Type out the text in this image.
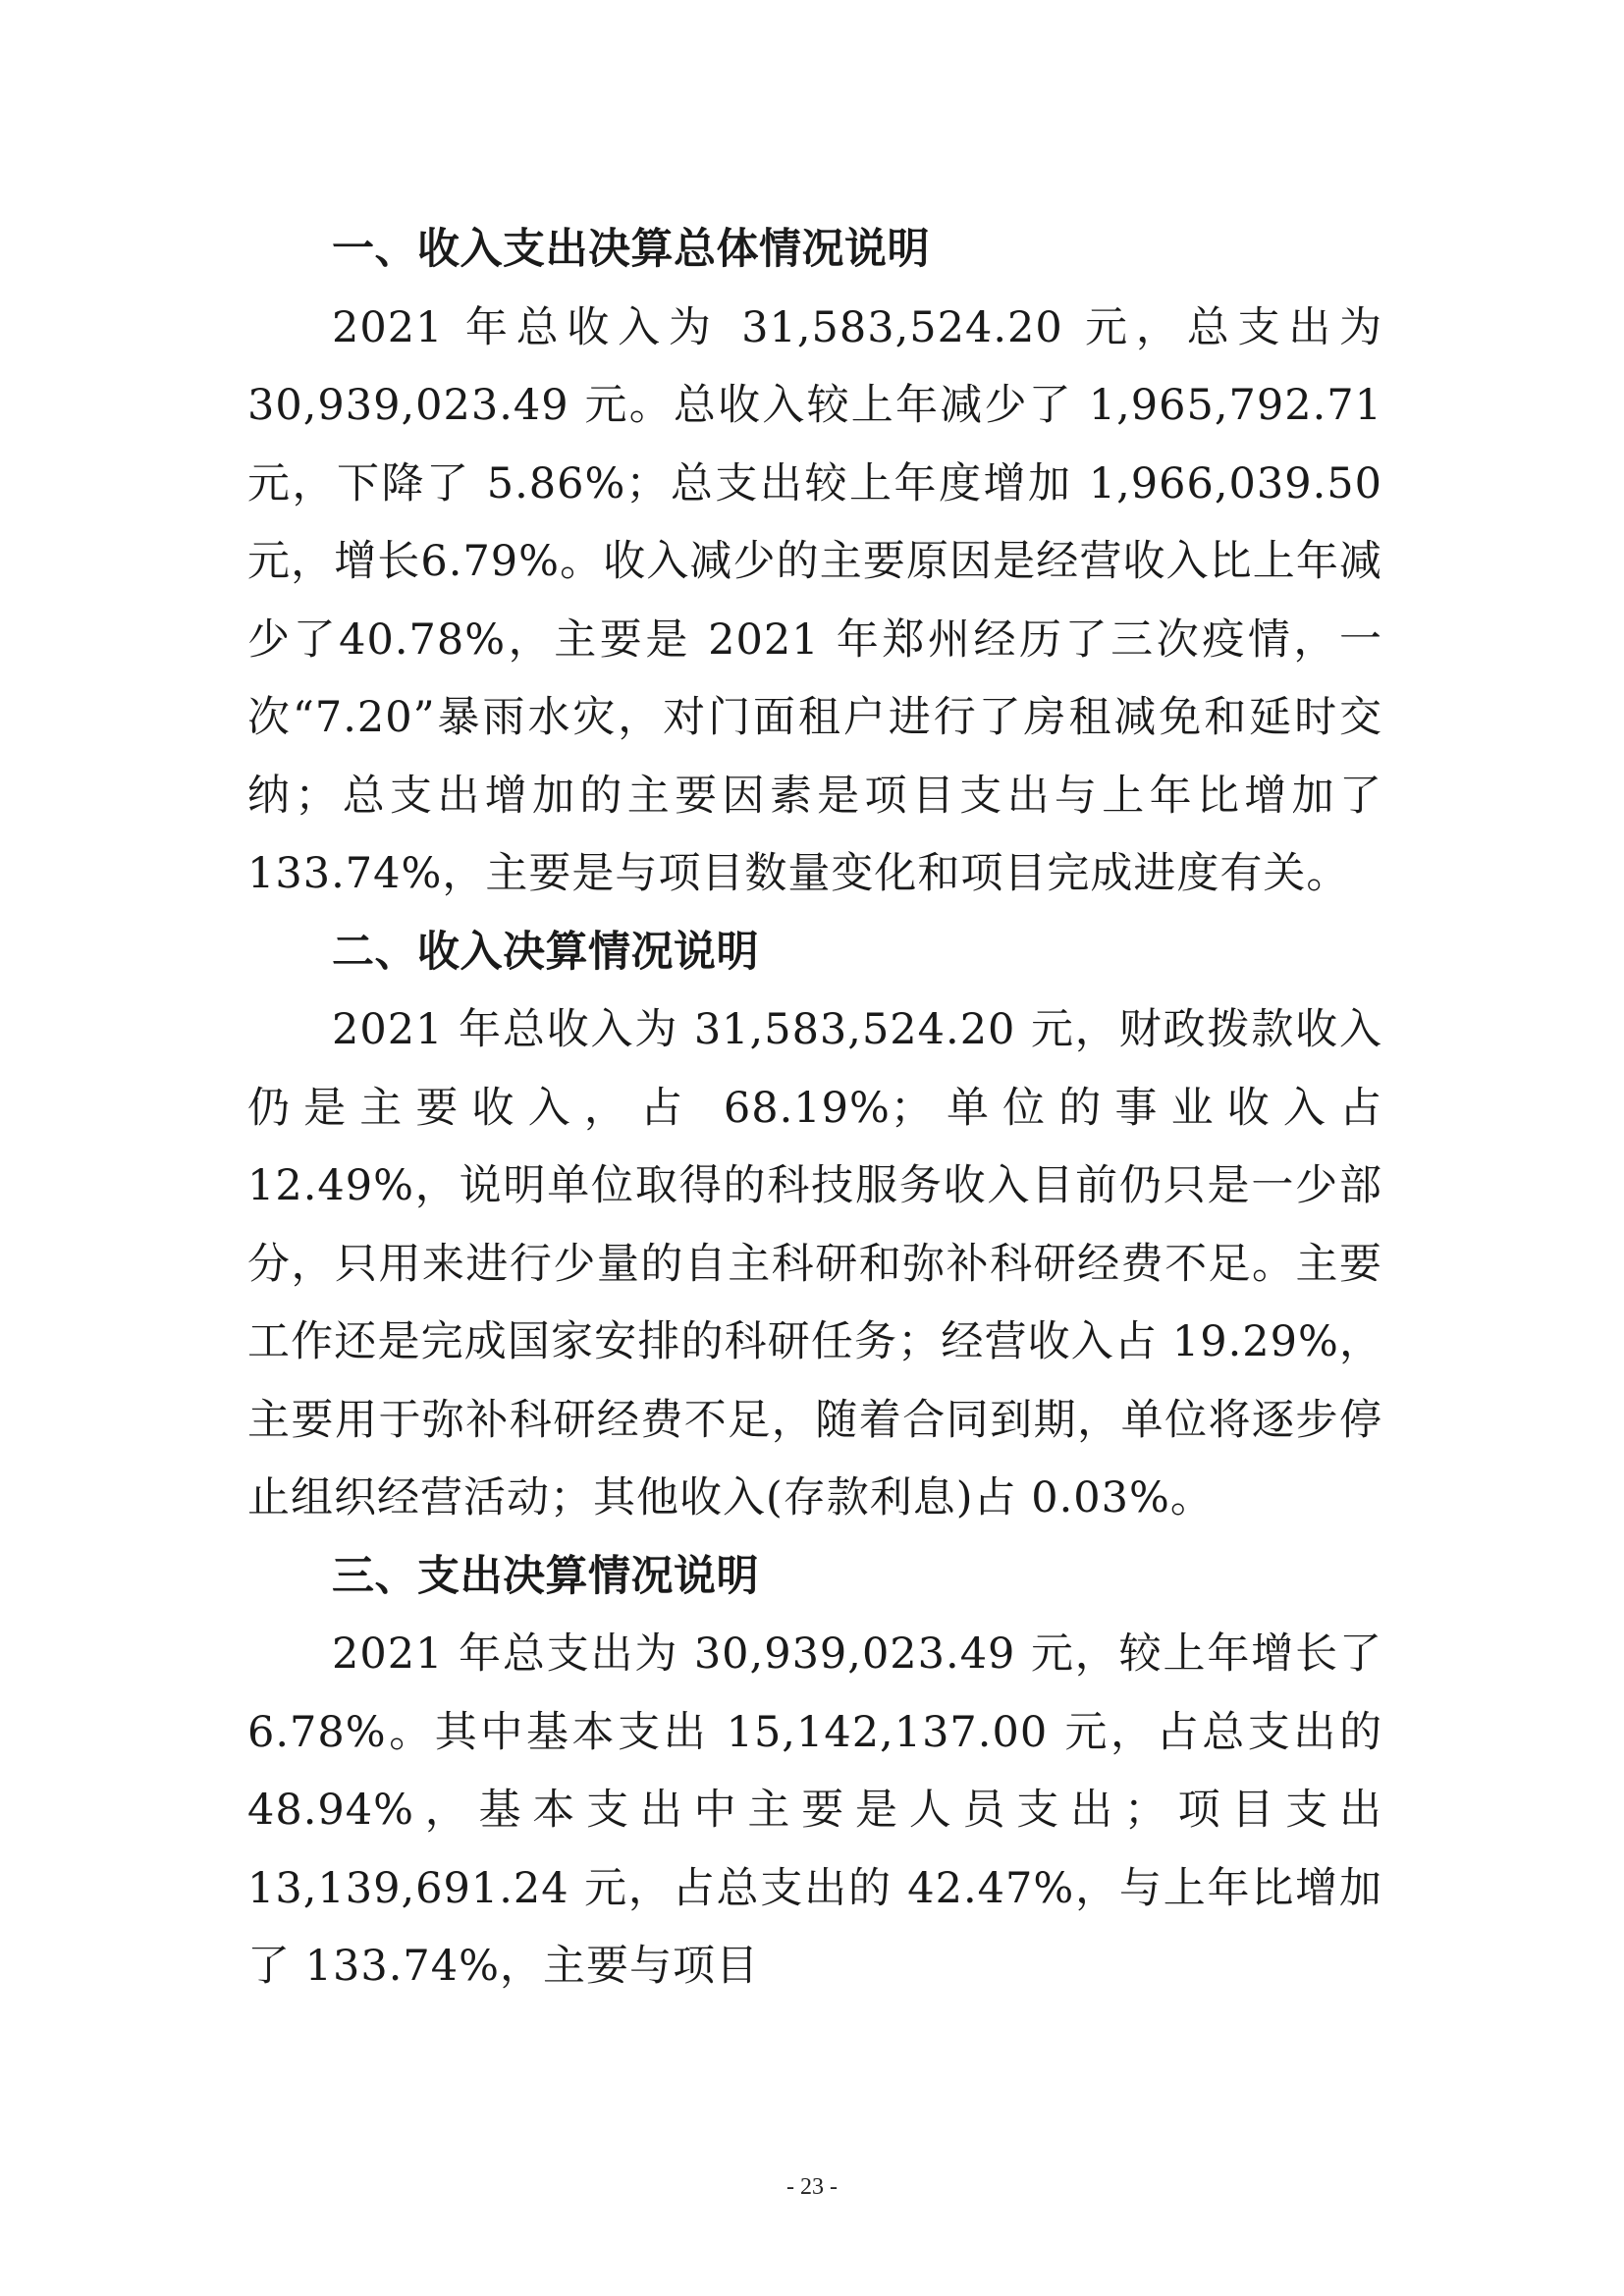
一、收入支出决算总体情况说明

2021 年总收入为 31,583,524.20 元，总支出为30,939,023.49 元。总收入较上年减少了 1,965,792.71 元，下降了 5.86%；总支出较上年度增加 1,966,039.50 元，增长6.79%。收入减少的主要原因是经营收入比上年减少了40.78%，主要是 2021 年郑州经历了三次疫情，一次“7.20”暴雨水灾，对门面租户进行了房租减免和延时交纳；总支出增加的主要因素是项目支出与上年比增加了 133.74%，主要是与项目数量变化和项目完成进度有关。

二、收入决算情况说明

2021 年总收入为 31,583,524.20 元，财政拨款收入仍是主要收入，占 68.19%；单位的事业收入占 12.49%，说明单位取得的科技服务收入目前仍只是一少部分，只用来进行少量的自主科研和弥补科研经费不足。主要工作还是完成国家安排的科研任务；经营收入占 19.29%，主要用于弥补科研经费不足，随着合同到期，单位将逐步停止组织经营活动；其他收入(存款利息)占 0.03%。

三、支出决算情况说明

2021 年总支出为 30,939,023.49 元，较上年增长了6.78%。其中基本支出 15,142,137.00 元，占总支出的 48.94%，基本支出中主要是人员支出；项目支出 13,139,691.24 元，占总支出的 42.47%，与上年比增加了 133.74%，主要与项目

- 23 -
